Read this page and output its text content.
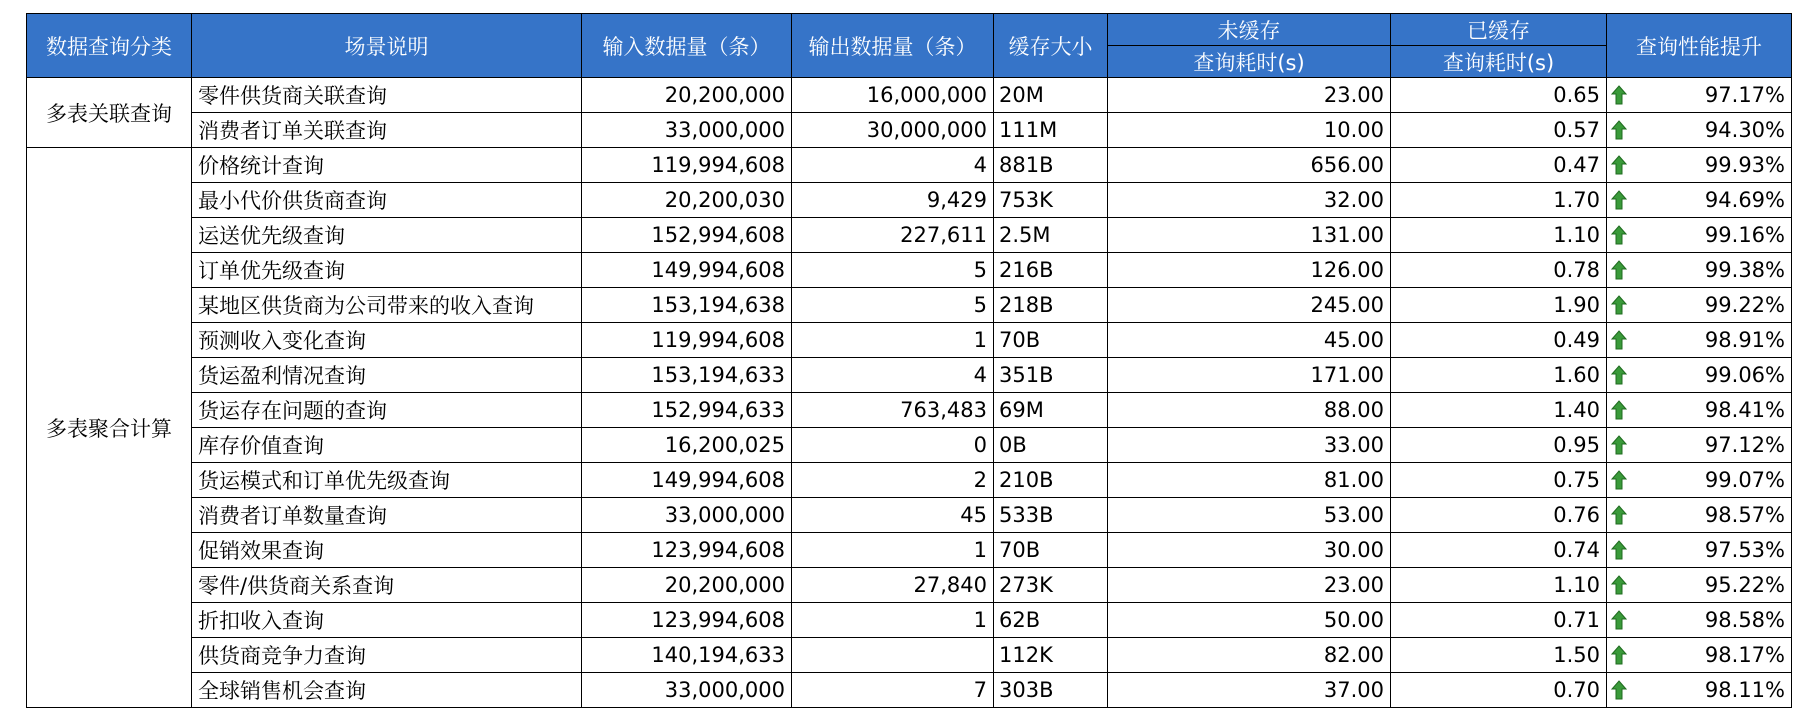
数据查询分类	场景说明	输入数据量（条）	输出数据量（条）	缓存大小	未缓存	已缓存	查询性能提升
					查询耗时(s)	查询耗时(s)	
多表关联查询	零件供货商关联查询	20,200,000	16,000,000	20M	23.00	0.65	97.17%

	消费者订单关联查询	33,000,000	30,000,000	111M	10.00	0.57	94.30%

多表聚合计算	价格统计查询	119,994,608	4	881B	656.00	0.47	99.93%

	最小代价供货商查询	20,200,030	9,429	753K	32.00	1.70	94.69%

	运送优先级查询	152,994,608	227,611	2.5M	131.00	1.10	99.16%

	订单优先级查询	149,994,608	5	216B	126.00	0.78	99.38%

	某地区供货商为公司带来的收入查询	153,194,638	5	218B	245.00	1.90	99.22%

	预测收入变化查询	119,994,608	1	70B	45.00	0.49	98.91%

	货运盈利情况查询	153,194,633	4	351B	171.00	1.60	99.06%

	货运存在问题的查询	152,994,633	763,483	69M	88.00	1.40	98.41%

	库存价值查询	16,200,025	0	0B	33.00	0.95	97.12%

	货运模式和订单优先级查询	149,994,608	2	210B	81.00	0.75	99.07%

	消费者订单数量查询	33,000,000	45	533B	53.00	0.76	98.57%

	促销效果查询	123,994,608	1	70B	30.00	0.74	97.53%

	零件/供货商关系查询	20,200,000	27,840	273K	23.00	1.10	95.22%

	折扣收入查询	123,994,608	1	62B	50.00	0.71	98.58%

	供货商竞争力查询	140,194,633		112K	82.00	1.50	98.17%

	全球销售机会查询	33,000,000	7	303B	37.00	0.70	98.11%
